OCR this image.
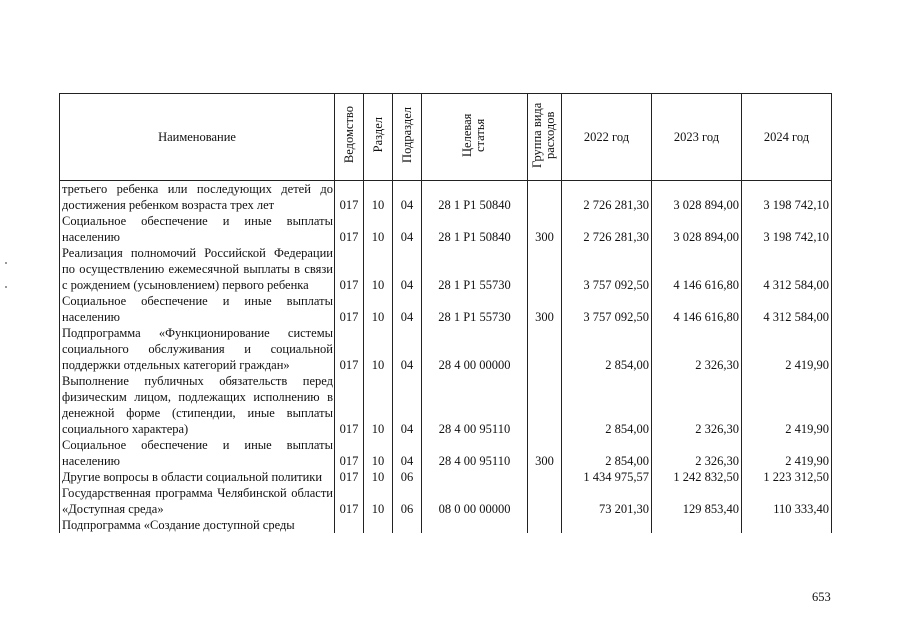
Наименование	Ведомство	Раздел	Подраздел	Целевая статья	Группа вида расходов	2022 год	2023 год	2024 год
третьего ребенка или последующих детей до достижения ребенком возраста трех лет	017	10	04	28 1 P1 50840		2 726 281,30	3 028 894,00	3 198 742,10
Социальное обеспечение и иные выплаты населению	017	10	04	28 1 P1 50840	300	2 726 281,30	3 028 894,00	3 198 742,10
Реализация полномочий Российской Федерации по осуществлению ежемесячной выплаты в связи с рождением (усыновлением) первого ребенка	017	10	04	28 1 P1 55730		3 757 092,50	4 146 616,80	4 312 584,00
Социальное обеспечение и иные выплаты населению	017	10	04	28 1 P1 55730	300	3 757 092,50	4 146 616,80	4 312 584,00
Подпрограмма «Функционирование системы социального обслуживания и социальной поддержки отдельных категорий граждан»	017	10	04	28 4 00 00000		2 854,00	2 326,30	2 419,90
Выполнение публичных обязательств перед физическим лицом, подлежащих исполнению в денежной форме (стипендии, иные выплаты социального характера)	017	10	04	28 4 00 95110		2 854,00	2 326,30	2 419,90
Социальное обеспечение и иные выплаты населению	017	10	04	28 4 00 95110	300	2 854,00	2 326,30	2 419,90
Другие вопросы в области социальной политики	017	10	06			1 434 975,57	1 242 832,50	1 223 312,50
Государственная программа Челябинской области «Доступная среда»	017	10	06	08 0 00 00000		73 201,30	129 853,40	110 333,40
Подпрограмма «Создание доступной среды								
653
